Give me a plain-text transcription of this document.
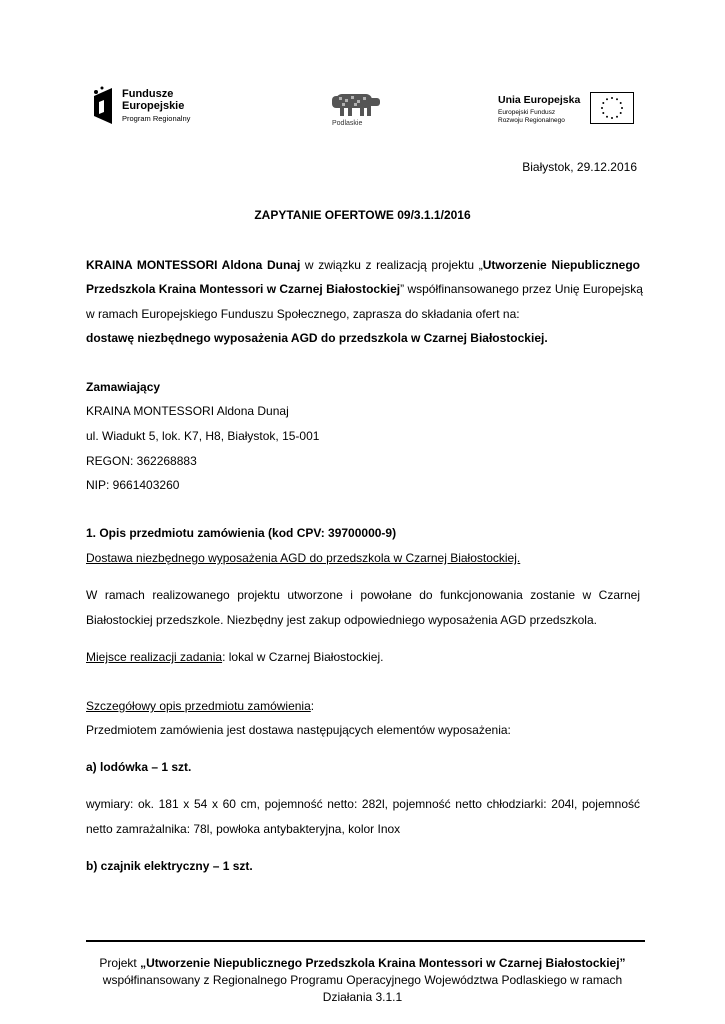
Fundusze
Europejskie
Program Regionalny
Podlaskie
Unia Europejska
Europejski Fundusz
Rozwoju Regionalnego
Białystok, 29.12.2016
ZAPYTANIE OFERTOWE 09/3.1.1/2016
KRAINA MONTESSORI Aldona Dunaj w związku z realizacją projektu „Utworzenie Niepublicznego
Przedszkola Kraina Montessori w Czarnej Białostockiej” współfinansowanego przez Unię Europejską
w ramach Europejskiego Funduszu Społecznego, zaprasza do składania ofert na:
dostawę niezbędnego wyposażenia AGD do przedszkola w Czarnej Białostockiej.
Zamawiający
KRAINA MONTESSORI Aldona Dunaj
ul. Wiadukt 5, lok. K7, H8, Białystok, 15-001
REGON: 362268883
NIP: 9661403260
1. Opis przedmiotu zamówienia (kod CPV: 39700000-9)
Dostawa niezbędnego wyposażenia AGD do przedszkola w Czarnej Białostockiej.
W ramach realizowanego projektu utworzone i powołane do funkcjonowania zostanie w Czarnej
Białostockiej przedszkole. Niezbędny jest zakup odpowiedniego wyposażenia AGD przedszkola.
Miejsce realizacji zadania: lokal w Czarnej Białostockiej.
Szczegółowy opis przedmiotu zamówienia:
Przedmiotem zamówienia jest dostawa następujących elementów wyposażenia:
a) lodówka – 1 szt.
wymiary: ok. 181 x 54 x 60 cm, pojemność netto: 282l, pojemność netto chłodziarki: 204l, pojemność
netto zamrażalnika: 78l, powłoka antybakteryjna, kolor Inox
b) czajnik elektryczny – 1 szt.
Projekt „Utworzenie Niepublicznego Przedszkola Kraina Montessori w Czarnej Białostockiej”
współfinansowany z Regionalnego Programu Operacyjnego Województwa Podlaskiego w ramach
Działania 3.1.1
